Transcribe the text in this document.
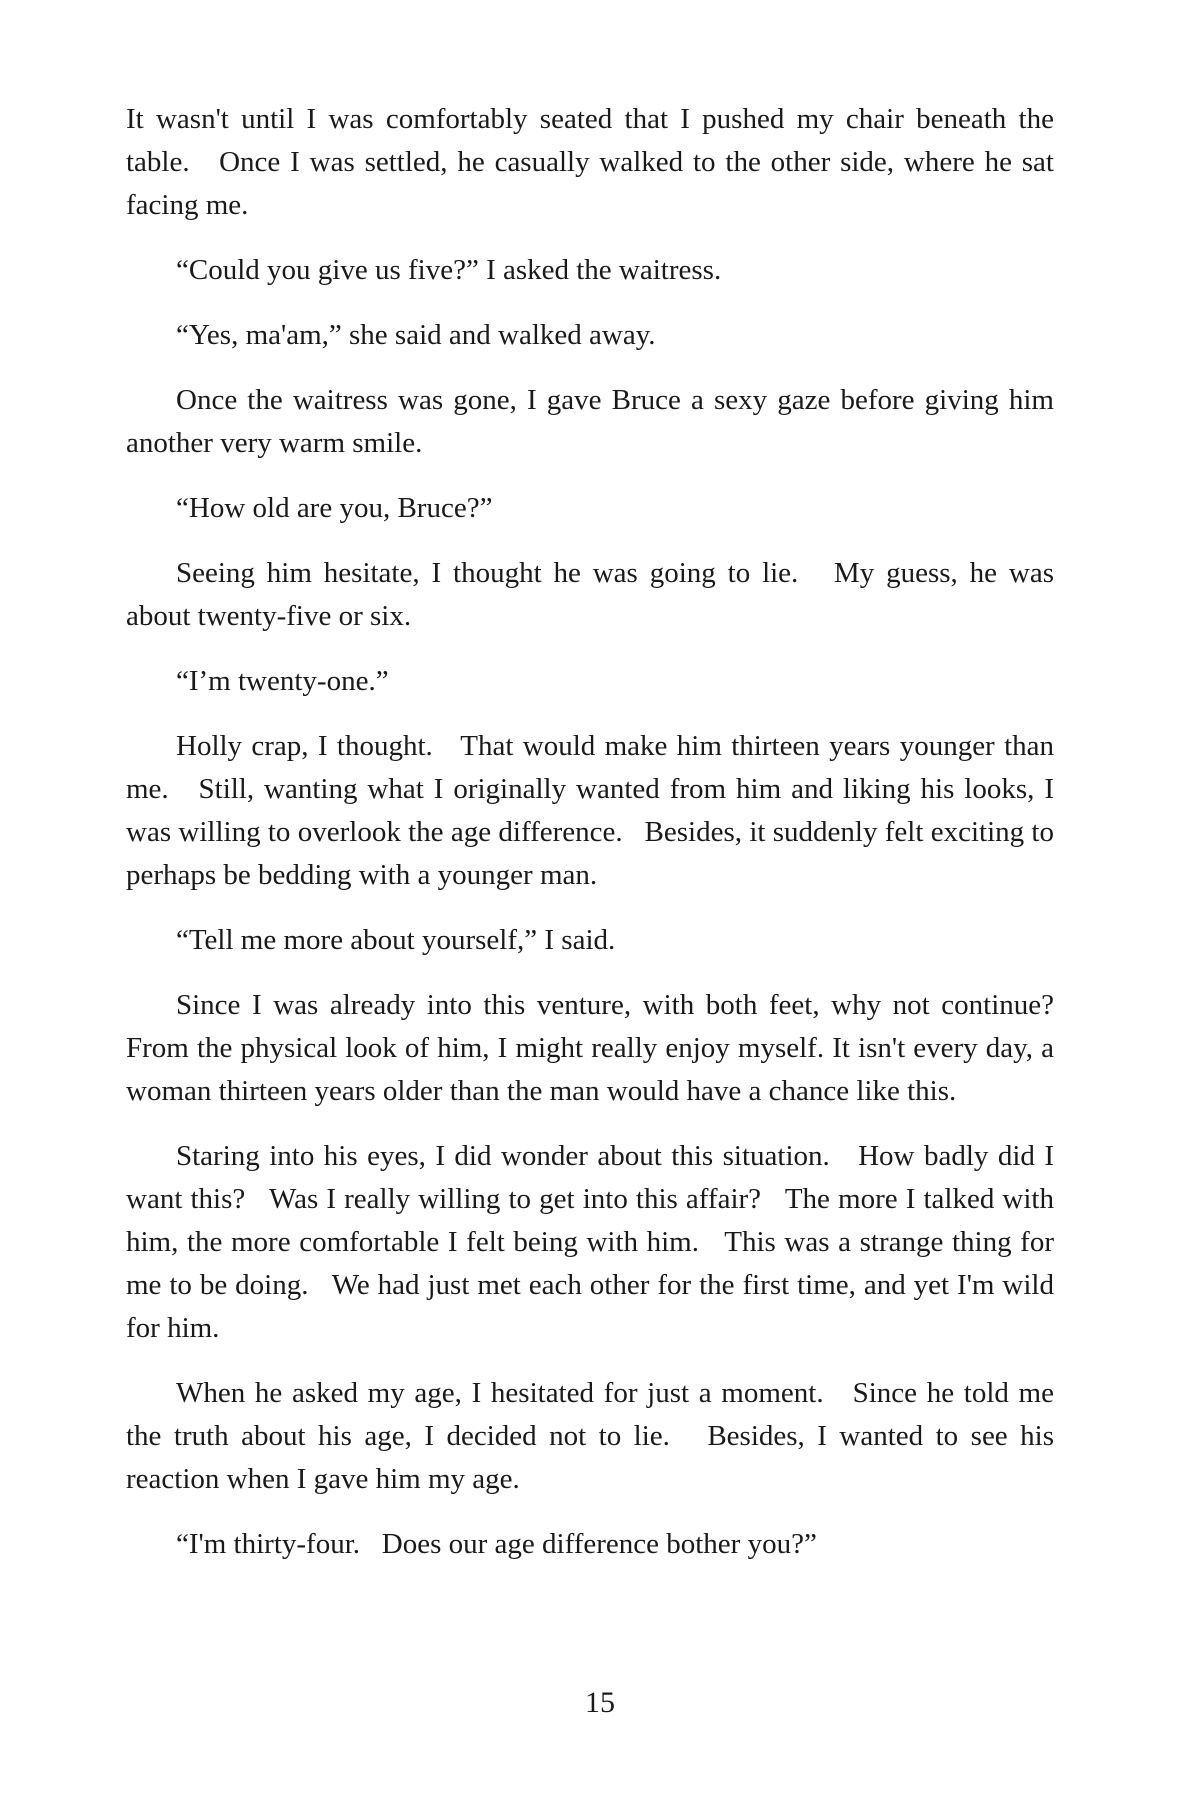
It wasn't until I was comfortably seated that I pushed my chair beneath the table.   Once I was settled, he casually walked to the other side, where he sat facing me.

“Could you give us five?” I asked the waitress.

“Yes, ma'am,” she said and walked away.

Once the waitress was gone, I gave Bruce a sexy gaze before giving him another very warm smile.

“How old are you, Bruce?”

Seeing him hesitate, I thought he was going to lie.   My guess, he was about twenty-five or six.

“I’m twenty-one.”

Holly crap, I thought.   That would make him thirteen years younger than me.   Still, wanting what I originally wanted from him and liking his looks, I was willing to overlook the age difference.   Besides, it suddenly felt exciting to perhaps be bedding with a younger man.

“Tell me more about yourself,” I said.

Since I was already into this venture, with both feet, why not continue?   From the physical look of him, I might really enjoy myself. It isn't every day, a woman thirteen years older than the man would have a chance like this.

Staring into his eyes, I did wonder about this situation.   How badly did I want this?   Was I really willing to get into this affair?   The more I talked with him, the more comfortable I felt being with him.   This was a strange thing for me to be doing.   We had just met each other for the first time, and yet I'm wild for him.

When he asked my age, I hesitated for just a moment.   Since he told me the truth about his age, I decided not to lie.   Besides, I wanted to see his reaction when I gave him my age.

“I'm thirty-four.   Does our age difference bother you?”

15
